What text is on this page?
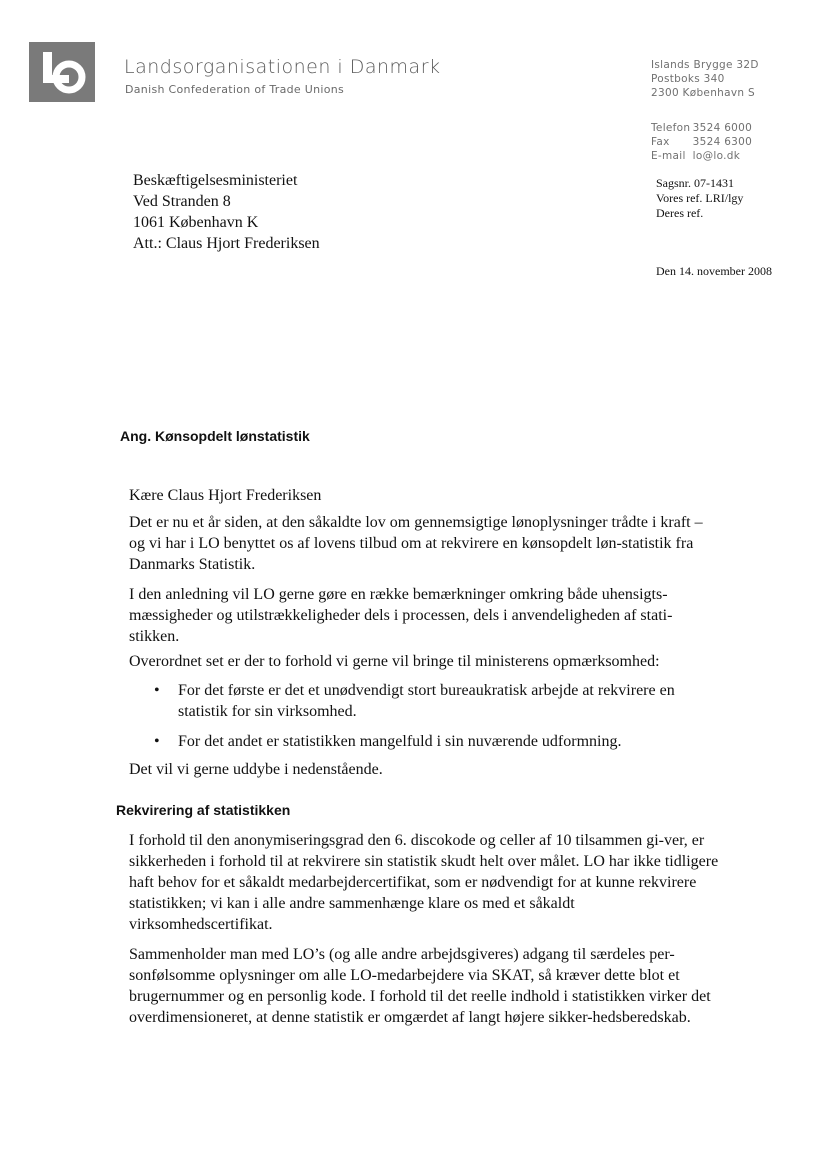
Landsorganisationen i Danmark
Danish Confederation of Trade Unions
Islands Brygge 32D
Postboks 340
2300 København S
Telefon 3524 6000
Fax 3524 6300
E-mail lo@lo.dk
Beskæftigelsesministeriet
Ved Stranden 8
1061 København K
Att.: Claus Hjort Frederiksen
Sagsnr. 07-1431
Vores ref. LRI/lgy
Deres ref.
Den 14. november 2008
Ang. Kønsopdelt lønstatistik
Kære Claus Hjort Frederiksen
Det er nu et år siden, at den såkaldte lov om gennemsigtige lønoplysninger trådte i kraft – og vi har i LO benyttet os af lovens tilbud om at rekvirere en kønsopdelt løn-statistik fra Danmarks Statistik.
I den anledning vil LO gerne gøre en række bemærkninger omkring både uhensigts-mæssigheder og utilstrækkeligheder dels i processen, dels i anvendeligheden af stati-stikken.
Overordnet set er der to forhold vi gerne vil bringe til ministerens opmærksomhed:
• For det første er det et unødvendigt stort bureaukratisk arbejde at rekvirere en statistik for sin virksomhed.
• For det andet er statistikken mangelfuld i sin nuværende udformning.
Det vil vi gerne uddybe i nedenstående.
Rekvirering af statistikken
I forhold til den anonymiseringsgrad den 6. discokode og celler af 10 tilsammen gi-ver, er sikkerheden i forhold til at rekvirere sin statistik skudt helt over målet. LO har ikke tidligere haft behov for et såkaldt medarbejdercertifikat, som er nødvendigt for at kunne rekvirere statistikken; vi kan i alle andre sammenhænge klare os med et såkaldt virksomhedscertifikat.
Sammenholder man med LO’s (og alle andre arbejdsgiveres) adgang til særdeles per-sonfølsomme oplysninger om alle LO-medarbejdere via SKAT, så kræver dette blot et brugernummer og en personlig kode. I forhold til det reelle indhold i statistikken virker det overdimensioneret, at denne statistik er omgærdet af langt højere sikker-hedsberedskab.
